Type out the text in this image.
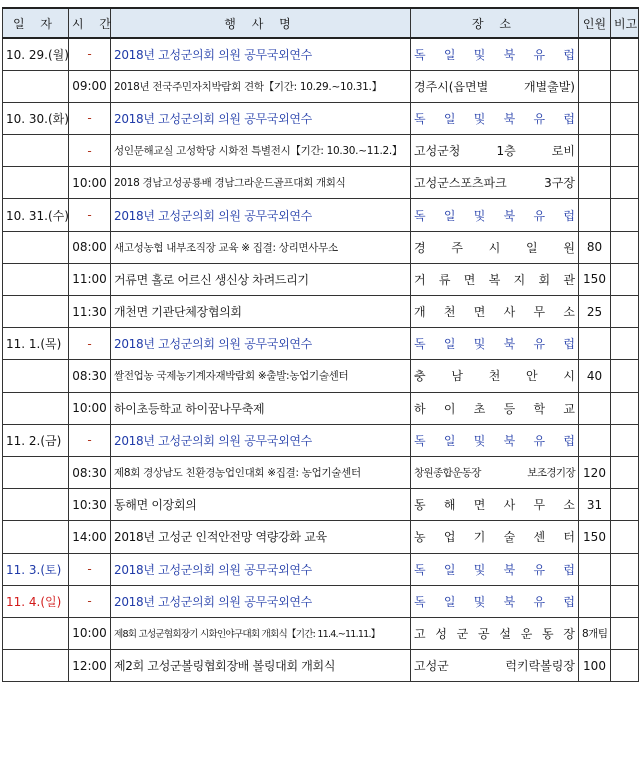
일 자	시 간	행 사 명	장 소	인원	비고
10. 29.(월)	-	2018년 고성군의회 의원 공무국외연수	독 일 및 북 유 럽		
	09:00	2018년 전국주민자치박람회 견학【기간: 10.29.~10.31.】	경주시(읍면별 개별출발)		
10. 30.(화)	-	2018년 고성군의회 의원 공무국외연수	독 일 및 북 유 럽		
	-	성인문해교실 고성학당 시화전 특별전시【기간: 10.30.~11.2.】	고성군청 1층 로비		
	10:00	2018 경남고성공룡배 경남그라운드골프대회 개회식	고성군스포츠파크 3구장		
10. 31.(수)	-	2018년 고성군의회 의원 공무국외연수	독 일 및 북 유 럽		
	08:00	새고성농협 내부조직장 교육 ※ 집결: 상리면사무소	경 주 시 일 원	80	
	11:00	거류면 홀로 어르신 생신상 차려드리기	거 류 면 복 지 회 관	150	
	11:30	개천면 기관단체장협의회	개 천 면 사 무 소	25	
11. 1.(목)	-	2018년 고성군의회 의원 공무국외연수	독 일 및 북 유 럽		
	08:30	쌀전업농 국제농기계자재박람회 ※출발:농업기술센터	충 남 천 안 시	40	
	10:00	하이초등학교 하이꿈나무축제	하 이 초 등 학 교		
11. 2.(금)	-	2018년 고성군의회 의원 공무국외연수	독 일 및 북 유 럽		
	08:30	제8회 경상남도 친환경농업인대회 ※집결: 농업기술센터	창원종합운동장 보조경기장	120	
	10:30	동해면 이장회의	동 해 면 사 무 소	31	
	14:00	2018년 고성군 인적안전망 역량강화 교육	농 업 기 술 센 터	150	
11. 3.(토)	-	2018년 고성군의회 의원 공무국외연수	독 일 및 북 유 럽		
11. 4.(일)	-	2018년 고성군의회 의원 공무국외연수	독 일 및 북 유 럽		
	10:00	제8회 고성군협회장기 시화인야구대회 개회식【기간: 11.4.~11.11.】	고 성 군 공 설 운 동 장	8개팀	
	12:00	제2회 고성군볼링협회장배 볼링대회 개회식	고성군 럭키락볼링장	100	
